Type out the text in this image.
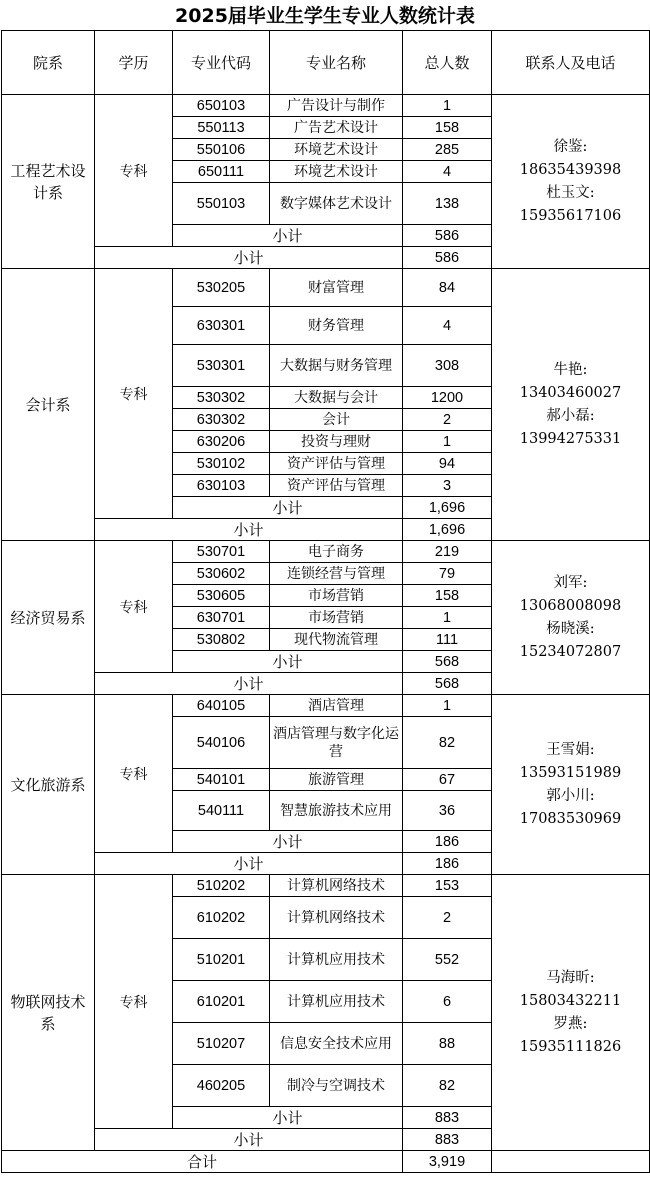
2025届毕业生学生专业人数统计表
院系	学历	专业代码	专业名称	总人数	联系人及电话
工程艺术设计系	专科	650103	广告设计与制作	1	徐鉴:
18635439398
杜玉文:
15935617106

		550113	广告艺术设计	158	
		550106	环境艺术设计	285	
		650111	环境艺术设计	4	
		550103	数字媒体艺术设计	138	
		小计		586	
	小计			586	
会计系	专科	530205	财富管理	84	牛艳:
13403460027
郝小磊:
13994275331

		630301	财务管理	4	
		530301	大数据与财务管理	308	
		530302	大数据与会计	1200	
		630302	会计	2	
		630206	投资与理财	1	
		530102	资产评估与管理	94	
		630103	资产评估与管理	3	
		小计		1,696	
	小计			1,696	
经济贸易系	专科	530701	电子商务	219	刘军:
13068008098
杨晓溪:
15234072807

		530602	连锁经营与管理	79	
		530605	市场营销	158	
		630701	市场营销	1	
		530802	现代物流管理	111	
		小计		568	
	小计			568	
文化旅游系	专科	640105	酒店管理	1	王雪娟:
13593151989
郭小川:
17083530969

		540106	酒店管理与数字化运营	82	
		540101	旅游管理	67	
		540111	智慧旅游技术应用	36	
		小计		186	
	小计			186	
物联网技术系	专科	510202	计算机网络技术	153	马海昕:
15803432211
罗燕:
15935111826

		610202	计算机网络技术	2	
		510201	计算机应用技术	552	
		610201	计算机应用技术	6	
		510207	信息安全技术应用	88	
		460205	制冷与空调技术	82	
		小计		883	
	小计			883	
合计				3,919	
